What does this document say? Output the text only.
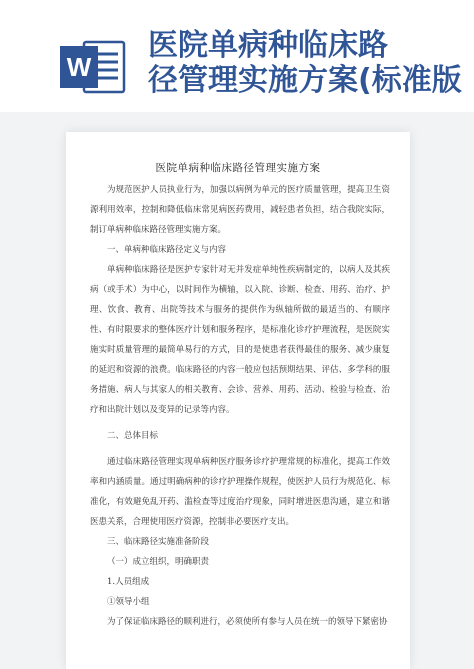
W
医院单病种临床路
径管理实施方案(标准版
医院单病种临床路径管理实施方案

为规范医护人员执业行为，加强以病例为单元的医疗质量管理，提高卫生资源利用效率，控制和降低临床常见病医药费用，减轻患者负担，结合我院实际，制订单病种临床路径管理实施方案。

一、单病种临床路径定义与内容

单病种临床路径是医护专家针对无并发症单纯性疾病制定的，以病人及其疾病（或手术）为中心，以时间作为横轴，以入院、诊断、检查、用药、治疗、护理、饮食、教育、出院等技术与服务的提供作为纵轴所做的最适当的、有顺序性、有时限要求的整体医疗计划和服务程序，是标准化诊疗护理流程，是医院实施实时质量管理的最简单易行的方式，目的是使患者获得最佳的服务、减少康复的延迟和资源的浪费。临床路径的内容一般应包括预期结果、评估、多学科的服务措施、病人与其家人的相关教育、会诊、营养、用药、活动、检验与检查、治疗和出院计划以及变异的记录等内容。

二、总体目标

通过临床路径管理实现单病种医疗服务诊疗护理常规的标准化，提高工作效率和内涵质量。通过明确病种的诊疗护理操作规程，使医护人员行为规范化、标准化，有效避免乱开药、滥检查等过度治疗现象，同时增进医患沟通，建立和谐医患关系，合理使用医疗资源，控制非必要医疗支出。

三、临床路径实施准备阶段

（一）成立组织，明确职责

1.人员组成

①领导小组

为了保证临床路径的顺利进行，必须使所有参与人员在统一的领导下紧密协
